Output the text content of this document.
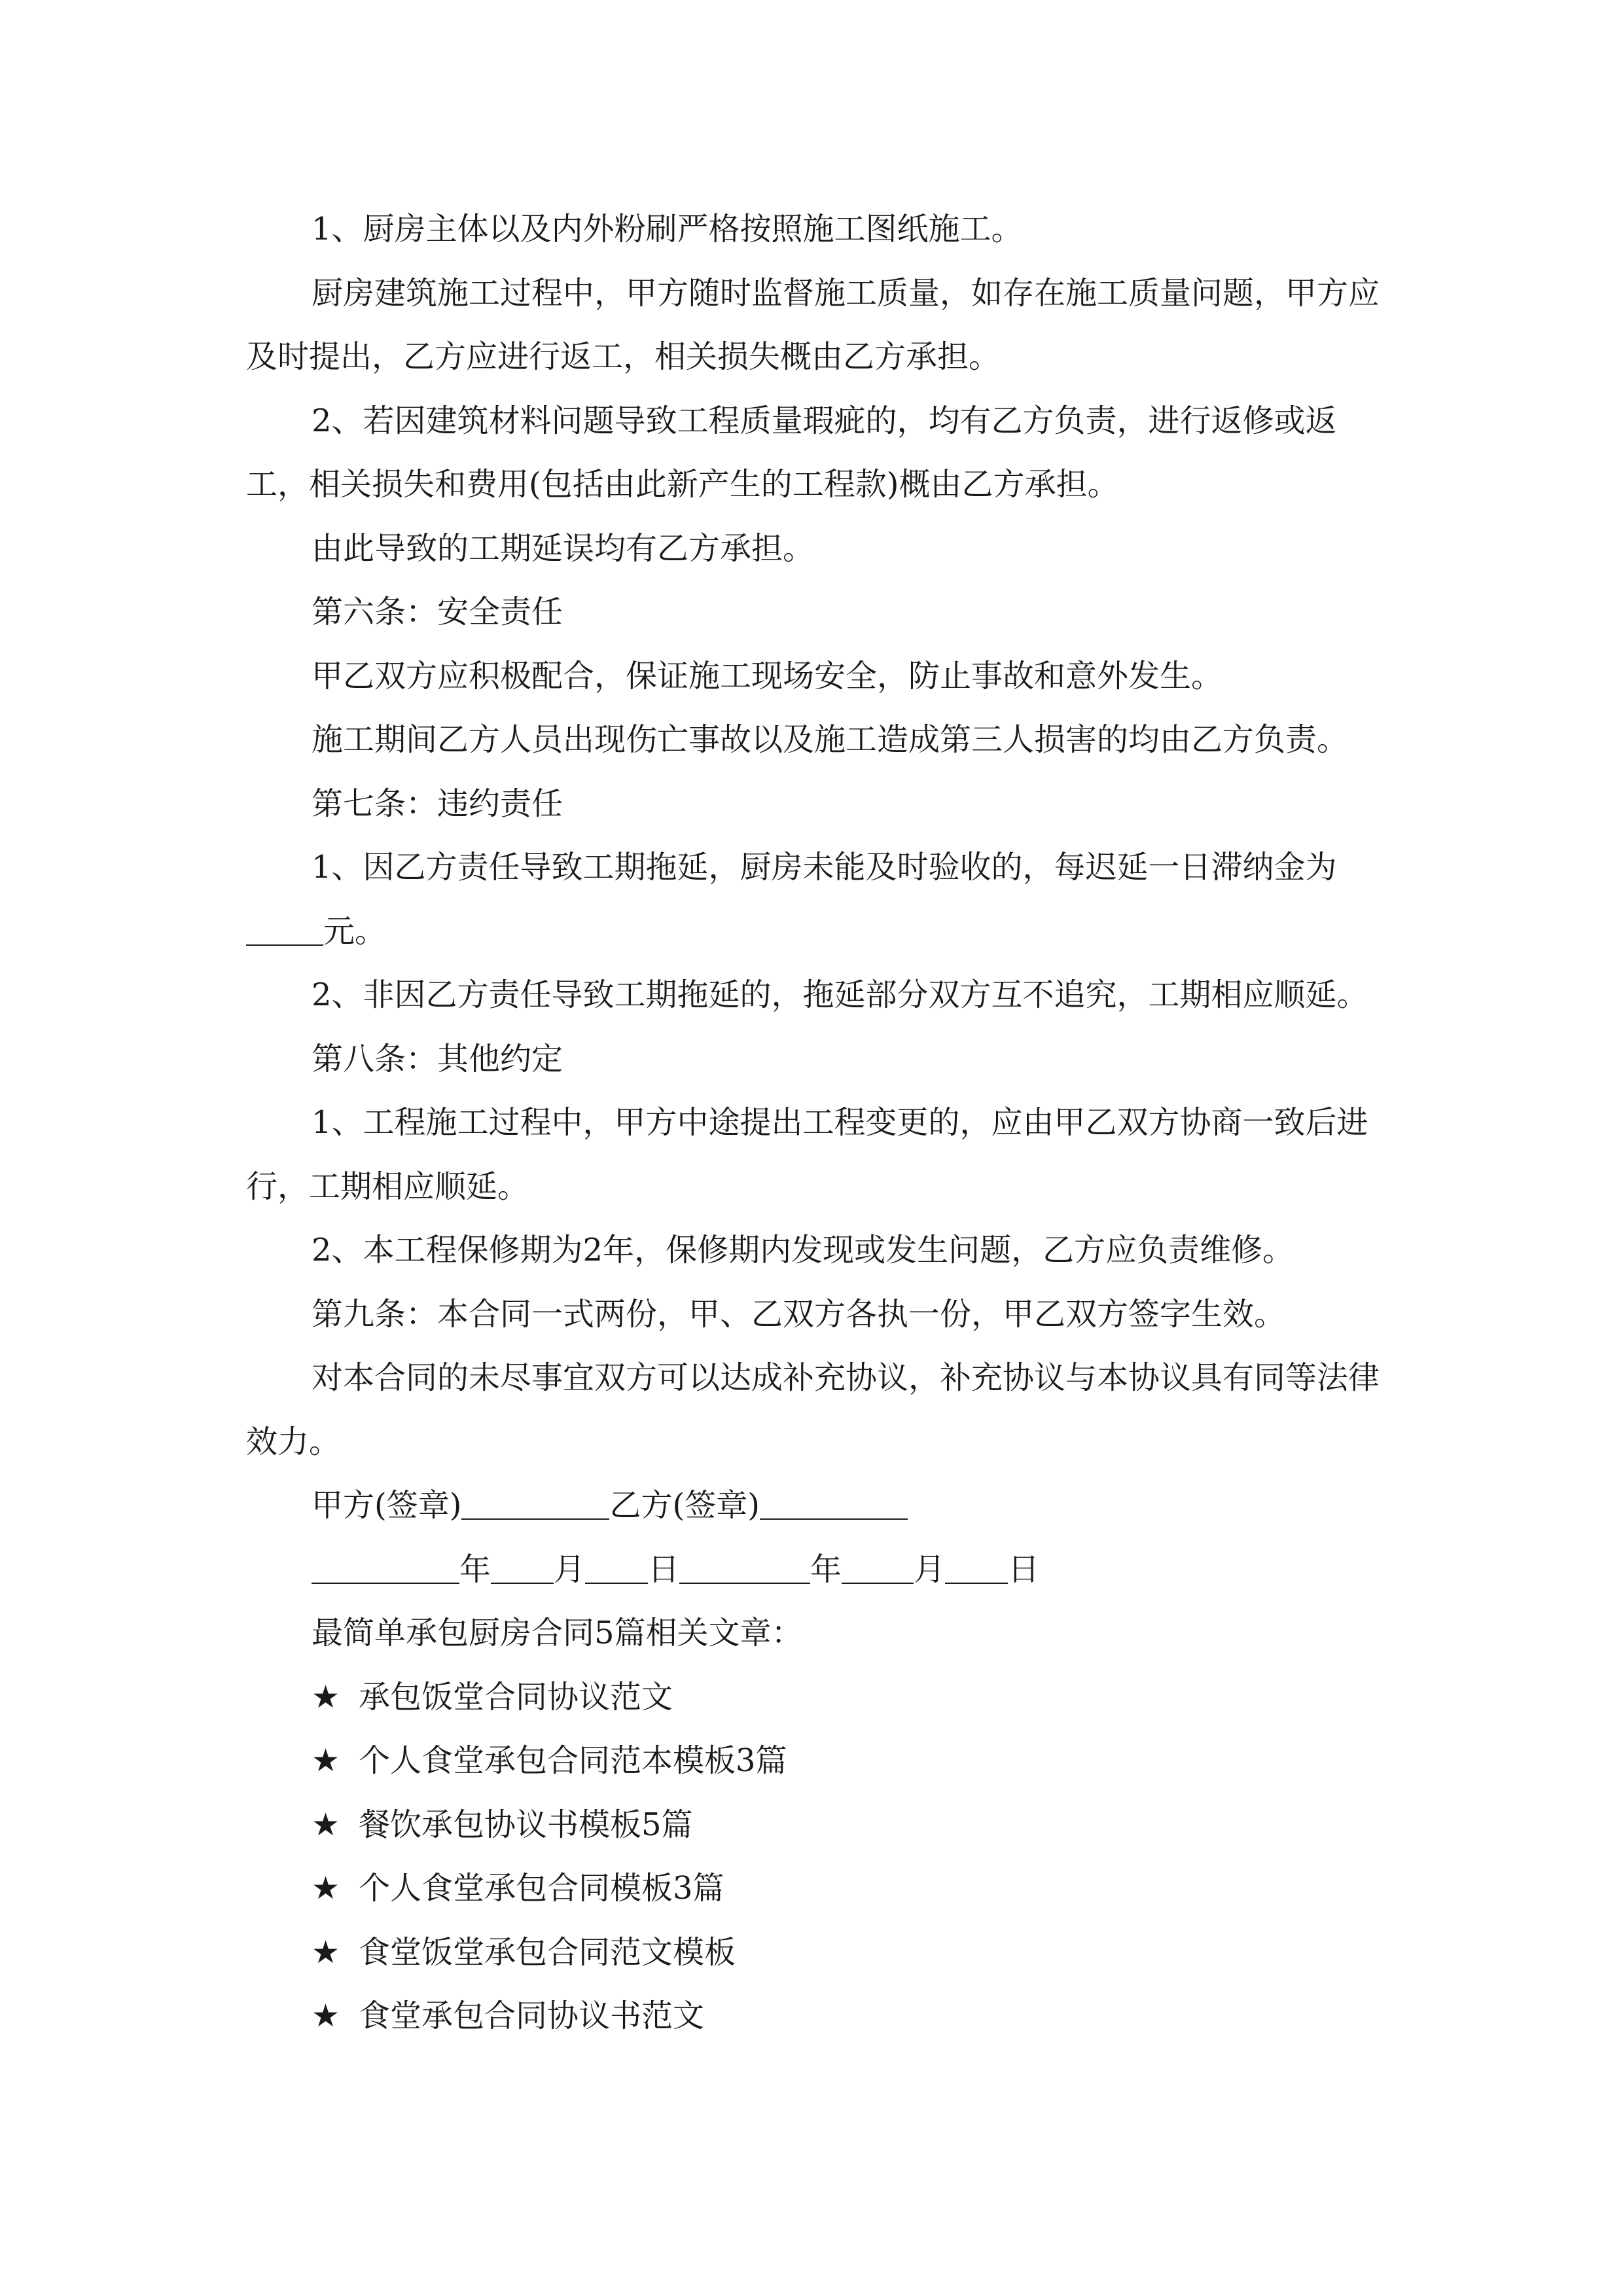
1、厨房主体以及内外粉刷严格按照施工图纸施工。

厨房建筑施工过程中，甲方随时监督施工质量，如存在施工质量问题，甲方应及时提出，乙方应进行返工，相关损失概由乙方承担。

2、若因建筑材料问题导致工程质量瑕疵的，均有乙方负责，进行返修或返工，相关损失和费用(包括由此新产生的工程款)概由乙方承担。

由此导致的工期延误均有乙方承担。

第六条：安全责任

甲乙双方应积极配合，保证施工现场安全，防止事故和意外发生。

施工期间乙方人员出现伤亡事故以及施工造成第三人损害的均由乙方负责。

第七条：违约责任

1、因乙方责任导致工期拖延，厨房未能及时验收的，每迟延一日滞纳金为

元。

2、非因乙方责任导致工期拖延的，拖延部分双方互不追究，工期相应顺延。

第八条：其他约定

1、工程施工过程中，甲方中途提出工程变更的，应由甲乙双方协商一致后进行，工期相应顺延。

2、本工程保修期为2年，保修期内发现或发生问题，乙方应负责维修。

第九条：本合同一式两份，甲、乙双方各执一份，甲乙双方签字生效。

对本合同的未尽事宜双方可以达成补充协议，补充协议与本协议具有同等法律效力。

甲方(签章)	乙方(签章)

年 月 日	年 月 日

最简单承包厨房合同5篇相关文章：

★ 承包饭堂合同协议范文

★ 个人食堂承包合同范本模板3篇

★ 餐饮承包协议书模板5篇

★ 个人食堂承包合同模板3篇

★ 食堂饭堂承包合同范文模板

★ 食堂承包合同协议书范文
